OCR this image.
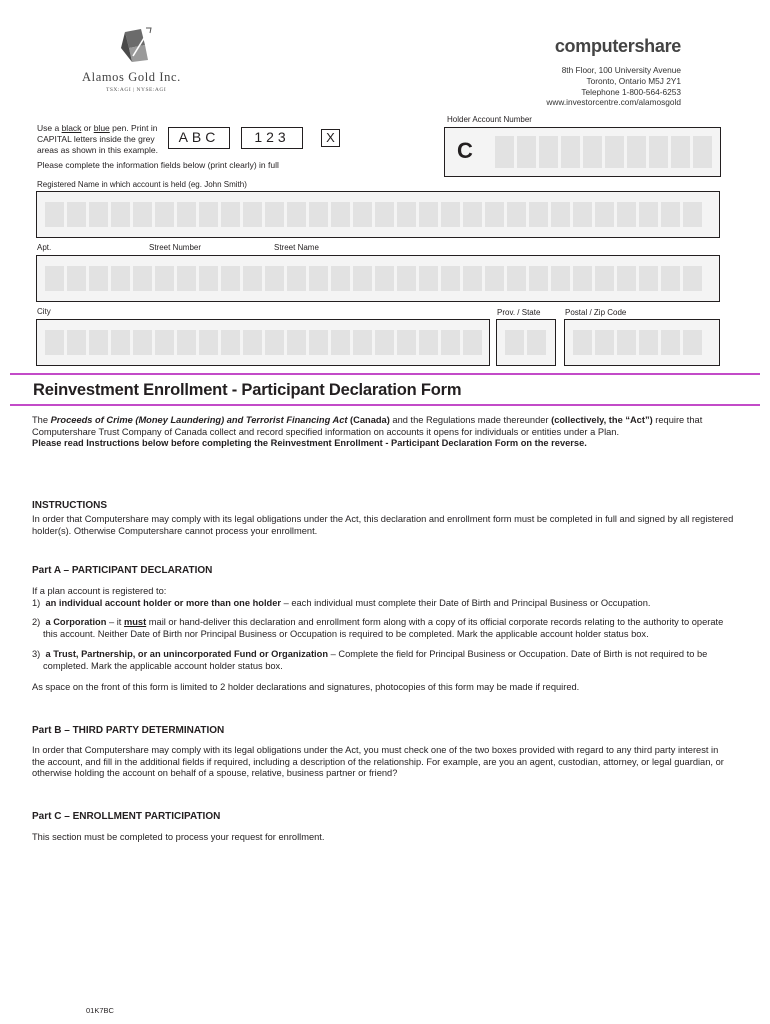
Alamos Gold Inc.
TSX:AGI | NYSE:AGI
computershare
8th Floor, 100 University Avenue
Toronto, Ontario M5J 2Y1
Telephone 1-800-564-6253
www.investorcentre.com/alamosgold
Use a black or blue pen. Print in
CAPITAL letters inside the grey
areas as shown in this example.
ABC	123	X
Please complete the information fields below (print clearly) in full
Holder Account Number
C
Registered Name in which account is held (eg. John Smith)
Apt.	Street Number	Street Name
City	Prov. / State	Postal / Zip Code
Reinvestment Enrollment - Participant Declaration Form
The Proceeds of Crime (Money Laundering) and Terrorist Financing Act (Canada) and the Regulations made thereunder (collectively, the “Act”) require that
Computershare Trust Company of Canada collect and record specified information on accounts it opens for individuals or entities under a Plan.
Please read Instructions below before completing the Reinvestment Enrollment - Participant Declaration Form on the reverse.
INSTRUCTIONS
In order that Computershare may comply with its legal obligations under the Act, this declaration and enrollment form must be completed in full and signed by all registered holder(s). Otherwise Computershare cannot process your enrollment.
Part A – PARTICIPANT DECLARATION
If a plan account is registered to:
1) an individual account holder or more than one holder – each individual must complete their Date of Birth and Principal Business or Occupation.
2) a Corporation – it must mail or hand-deliver this declaration and enrollment form along with a copy of its official corporate records relating to the authority to operate
this account. Neither Date of Birth nor Principal Business or Occupation is required to be completed. Mark the applicable account holder status box.
3) a Trust, Partnership, or an unincorporated Fund or Organization – Complete the field for Principal Business or Occupation. Date of Birth is not required to be
completed. Mark the applicable account holder status box.
As space on the front of this form is limited to 2 holder declarations and signatures, photocopies of this form may be made if required.
Part B – THIRD PARTY DETERMINATION
In order that Computershare may comply with its legal obligations under the Act, you must check one of the two boxes provided with regard to any third party interest in the account, and fill in the additional fields if required, including a description of the relationship. For example, are you an agent, custodian, attorney, or legal guardian, or otherwise holding the account on behalf of a spouse, relative, business partner or friend?
Part C – ENROLLMENT PARTICIPATION
This section must be completed to process your request for enrollment.
01K7BC
